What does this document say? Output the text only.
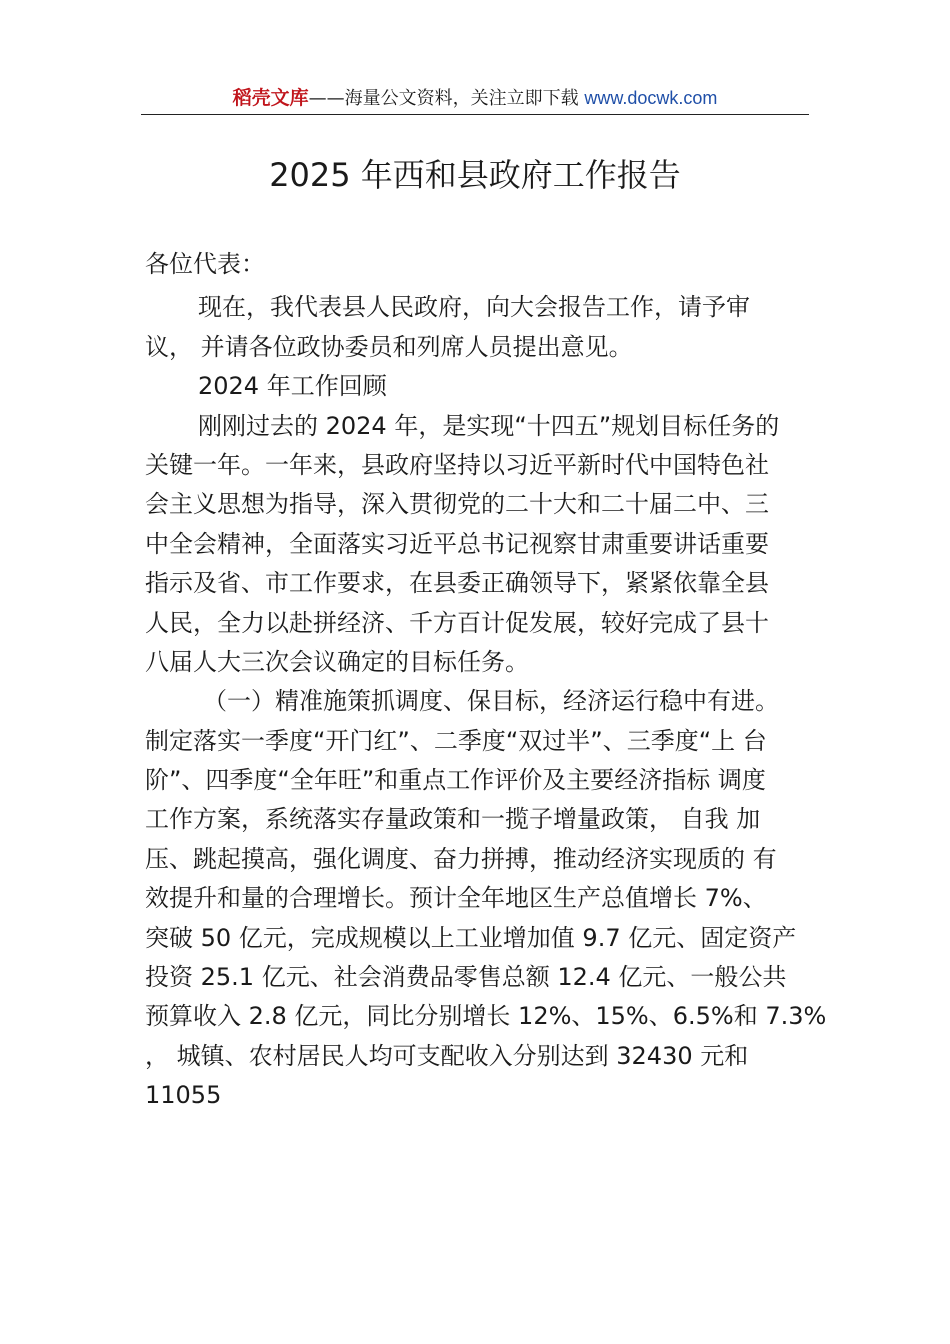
稻壳文库——海量公文资料，关注立即下载 www.docwk.com
2025 年西和县政府工作报告
各位代表：
现在，我代表县人民政府，向大会报告工作，请予审
议， 并请各位政协委员和列席人员提出意见。
2024 年工作回顾
刚刚过去的 2024 年，是实现“十四五”规划目标任务的
关键一年。一年来，县政府坚持以习近平新时代中国特色社
会主义思想为指导，深入贯彻党的二十大和二十届二中、三
中全会精神，全面落实习近平总书记视察甘肃重要讲话重要
指示及省、市工作要求，在县委正确领导下，紧紧依靠全县
人民，全力以赴拼经济、千方百计促发展，较好完成了县十
八届人大三次会议确定的目标任务。
（一）精准施策抓调度、保目标，经济运行稳中有进。
制定落实一季度“开门红”、二季度“双过半”、三季度“上 台
阶”、四季度“全年旺”和重点工作评价及主要经济指标 调度
工作方案，系统落实存量政策和一揽子增量政策， 自我 加
压、跳起摸高，强化调度、奋力拼搏，推动经济实现质的 有
效提升和量的合理增长。预计全年地区生产总值增长 7%、
突破 50 亿元，完成规模以上工业增加值 9.7 亿元、固定资产
投资 25.1 亿元、社会消费品零售总额 12.4 亿元、一般公共
预算收入 2.8 亿元，同比分别增长 12%、15%、6.5%和 7.3%
， 城镇、农村居民人均可支配收入分别达到 32430 元和
11055
